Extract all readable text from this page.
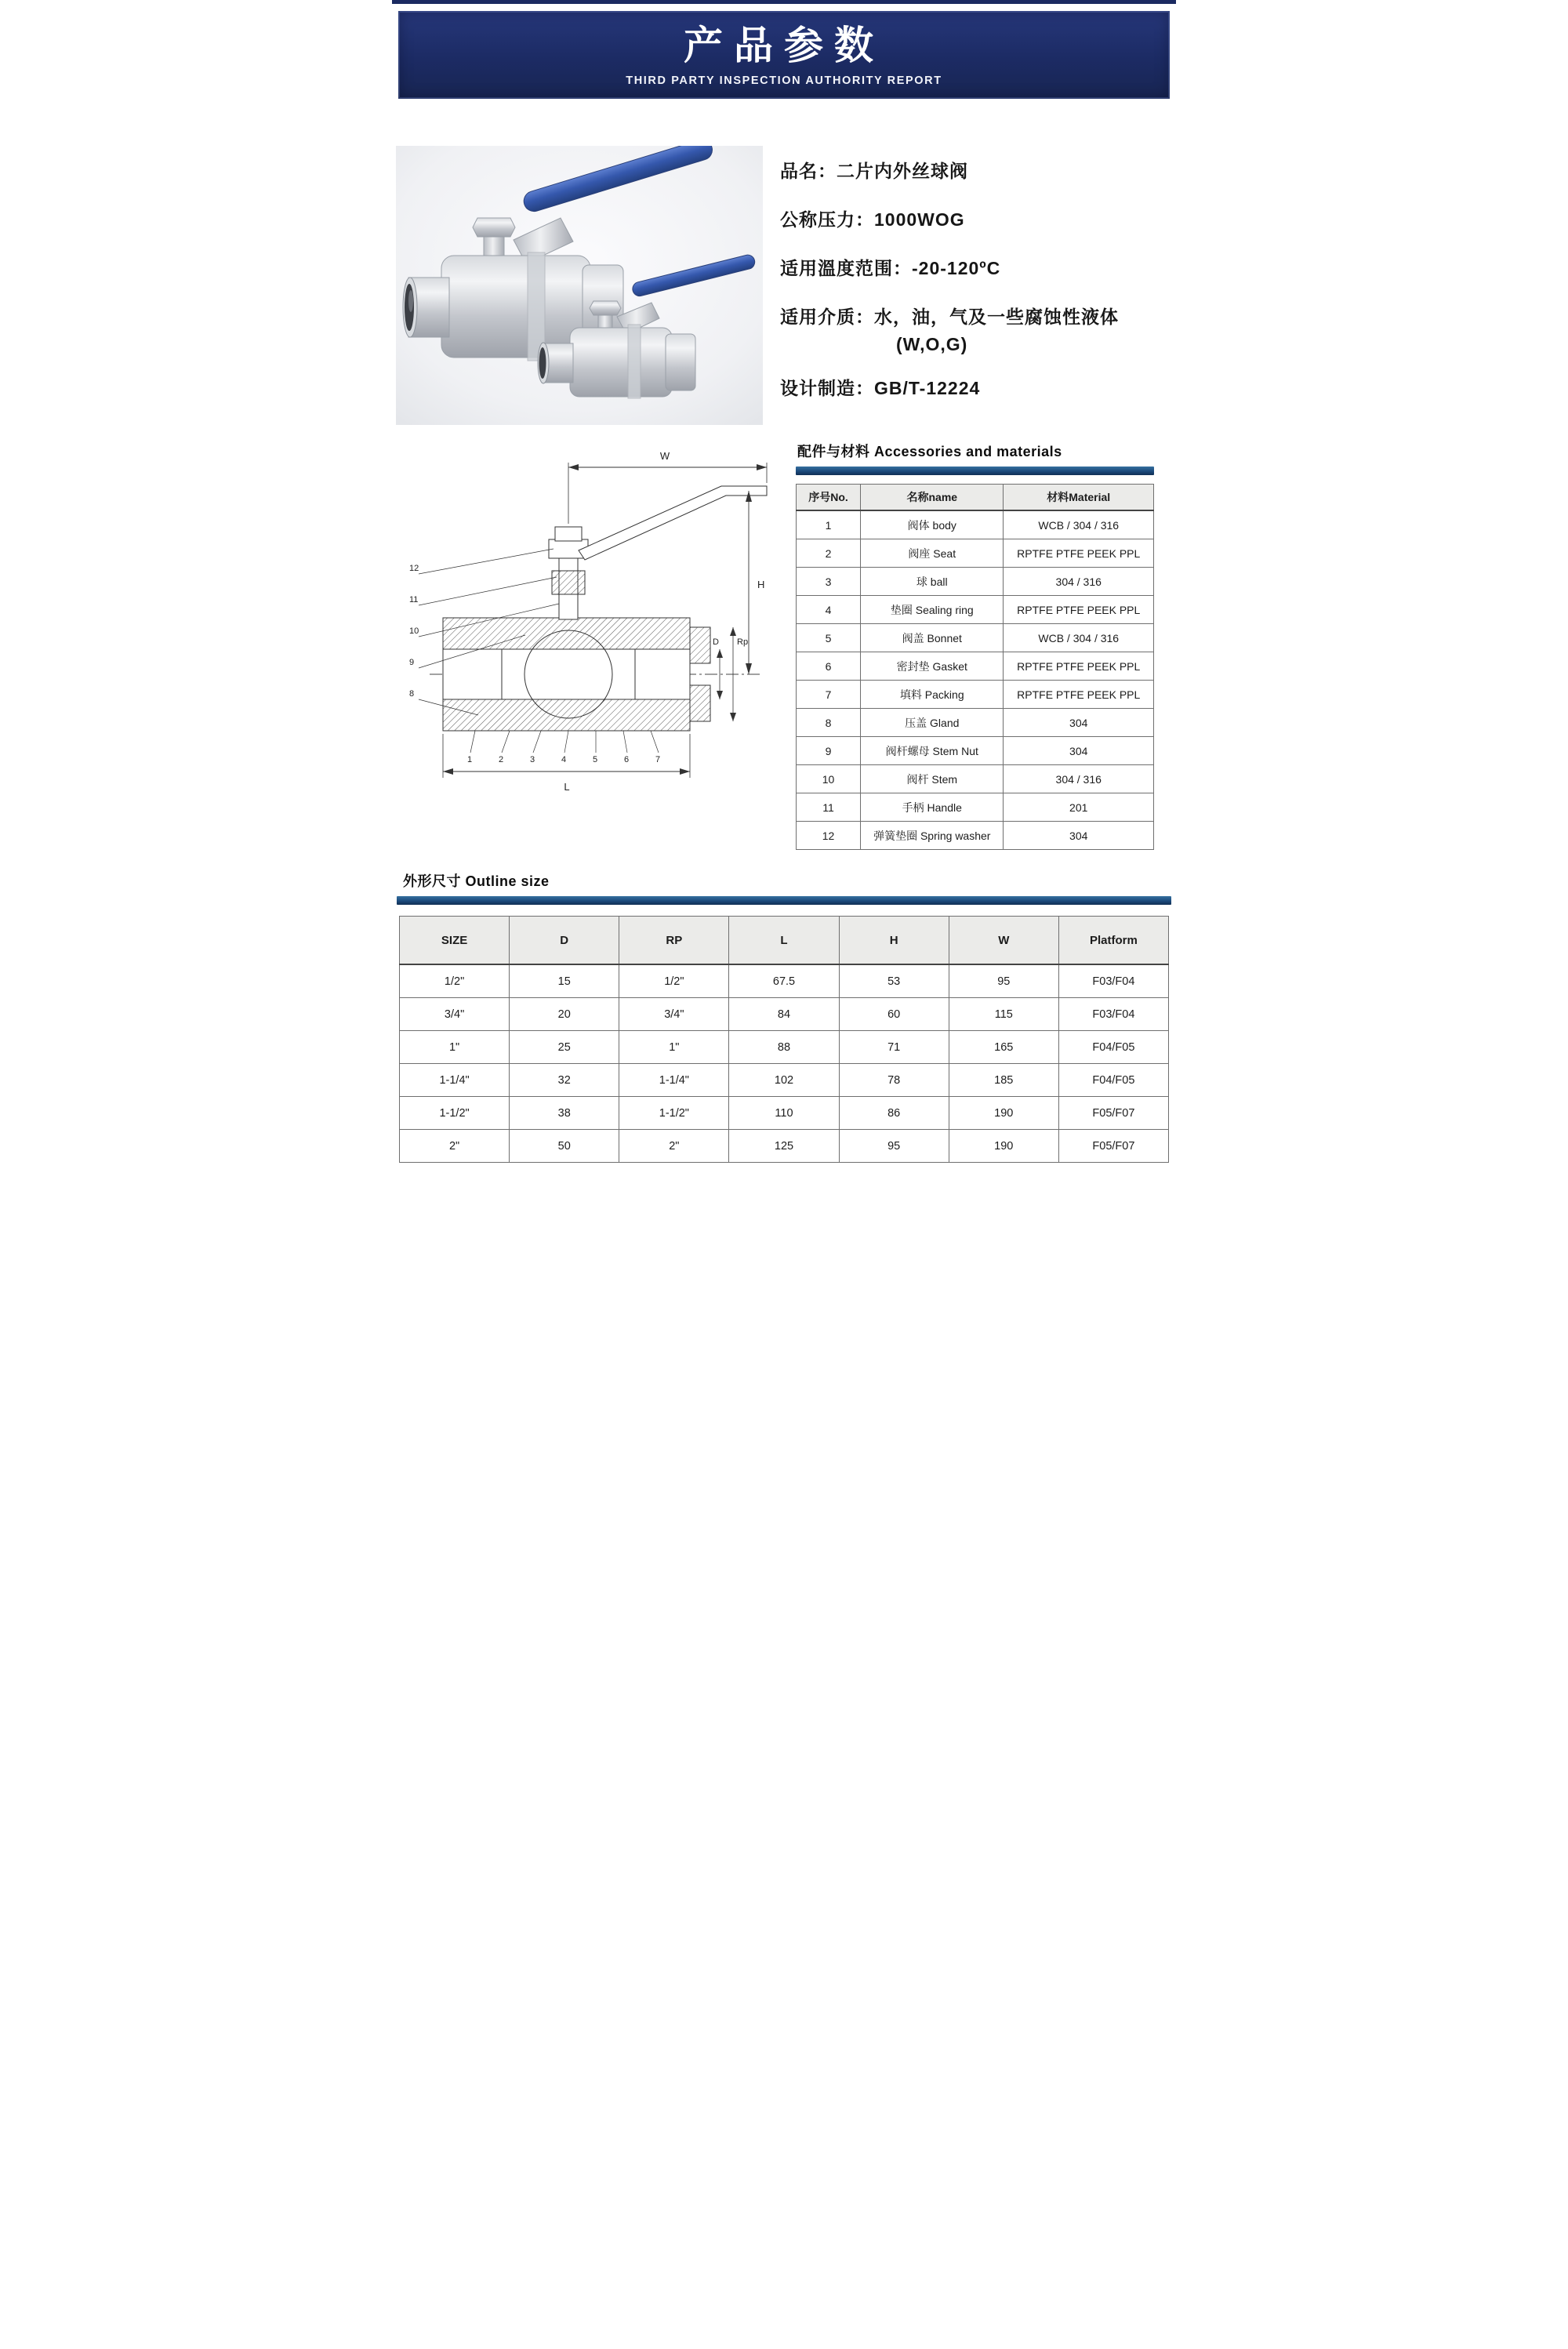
产品参数
THIRD PARTY INSPECTION AUTHORITY REPORT
品名：二片内外丝球阀
公称压力：1000WOG
适用溫度范围：-20-120ºC
适用介质：水，油，气及一些腐蚀性液体
(W,O,G)
设计制造：GB/T-12224
W
H
D Rp
L
12
11
10
9
8
1	2	3	4	5	6	7
配件与材料 Accessories and materials
序号No.	名称name	材料Material
1	阀体 body	WCB / 304 / 316
2	阀座 Seat	RPTFE PTFE PEEK PPL
3	球 ball	304 / 316
4	垫圈 Sealing ring	RPTFE PTFE PEEK PPL
5	阀盖 Bonnet	WCB / 304 / 316
6	密封垫 Gasket	RPTFE PTFE PEEK PPL
7	填料 Packing	RPTFE PTFE PEEK PPL
8	压盖 Gland	304
9	阀杆螺母 Stem Nut	304
10	阀杆 Stem	304 / 316
11	手柄 Handle	201
12	弹簧垫圈 Spring washer	304
外形尺寸 Outline size
SIZE	D	RP	L	H	W	Platform
1/2"	15	1/2"	67.5	53	95	F03/F04
3/4"	20	3/4"	84	60	115	F03/F04
1"	25	1"	88	71	165	F04/F05
1-1/4"	32	1-1/4"	102	78	185	F04/F05
1-1/2"	38	1-1/2"	110	86	190	F05/F07
2"	50	2"	125	95	190	F05/F07
